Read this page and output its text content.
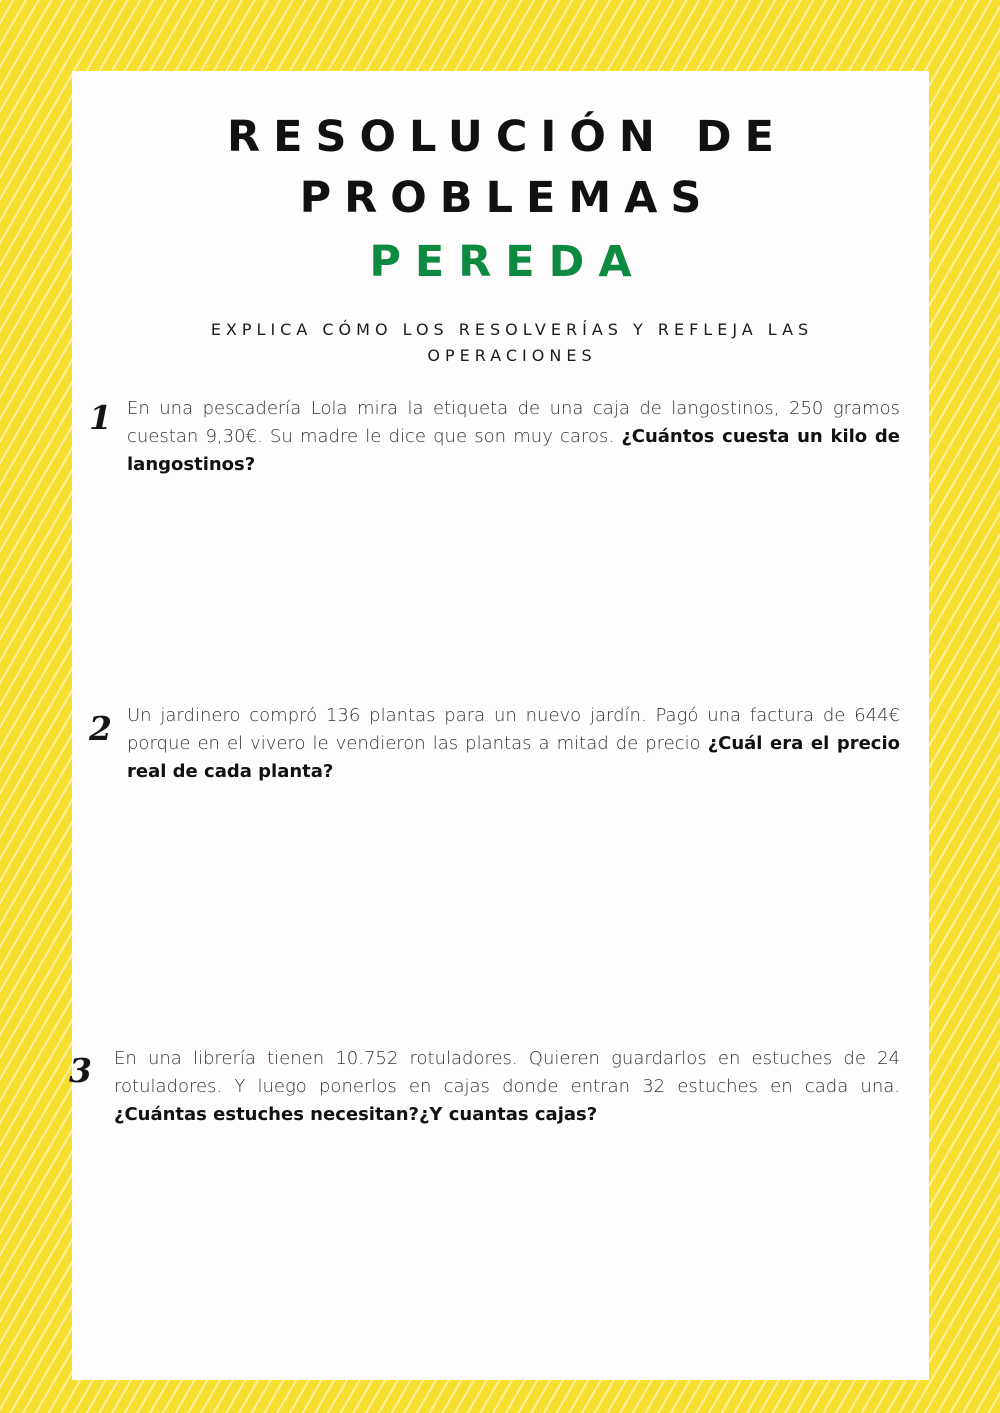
RESOLUCIÓN DE
PROBLEMAS
PEREDA
EXPLICA CÓMO LOS RESOLVERÍAS Y REFLEJA LAS OPERACIONES
1 En una pescadería Lola mira la etiqueta de una caja de langostinos, 250 gramos cuestan 9,30€. Su madre le dice que son muy caros. ¿Cuántos cuesta un kilo de langostinos?
2 Un jardinero compró 136 plantas para un nuevo jardín. Pagó una factura de 644€ porque en el vivero le vendieron las plantas a mitad de precio ¿Cuál era el precio real de cada planta?
3 En una librería tienen 10.752 rotuladores. Quieren guardarlos en estuches de 24 rotuladores. Y luego ponerlos en cajas donde entran 32 estuches en cada una. ¿Cuántas estuches necesitan?¿Y cuantas cajas?
